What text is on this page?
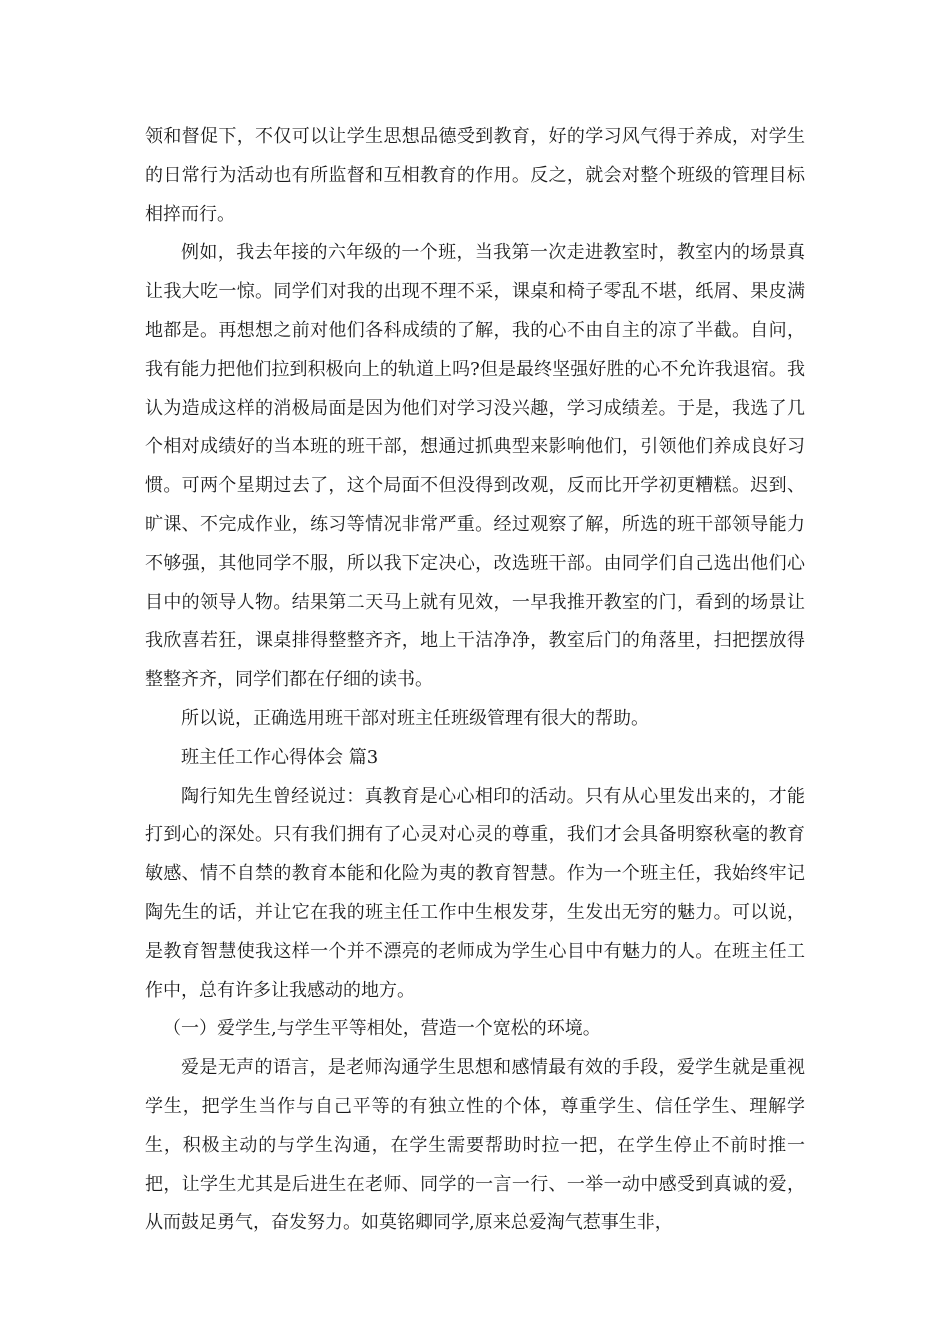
领和督促下，不仅可以让学生思想品德受到教育，好的学习风气得于养成，对学生的日常行为活动也有所监督和互相教育的作用。反之，就会对整个班级的管理目标相捽而行。

例如，我去年接的六年级的一个班，当我第一次走进教室时，教室内的场景真让我大吃一惊。同学们对我的出现不理不采，课桌和椅子零乱不堪，纸屑、果皮满地都是。再想想之前对他们各科成绩的了解，我的心不由自主的凉了半截。自问，我有能力把他们拉到积极向上的轨道上吗?但是最终坚强好胜的心不允许我退宿。我认为造成这样的消极局面是因为他们对学习没兴趣，学习成绩差。于是，我选了几个相对成绩好的当本班的班干部，想通过抓典型来影响他们，引领他们养成良好习惯。可两个星期过去了，这个局面不但没得到改观，反而比开学初更糟糕。迟到、旷课、不完成作业，练习等情况非常严重。经过观察了解，所选的班干部领导能力不够强，其他同学不服，所以我下定决心，改选班干部。由同学们自己选出他们心目中的领导人物。结果第二天马上就有见效，一早我推开教室的门，看到的场景让我欣喜若狂，课桌排得整整齐齐，地上干洁净净，教室后门的角落里，扫把摆放得整整齐齐，同学们都在仔细的读书。

所以说，正确选用班干部对班主任班级管理有很大的帮助。

班主任工作心得体会 篇3

陶行知先生曾经说过：真教育是心心相印的活动。只有从心里发出来的，才能打到心的深处。只有我们拥有了心灵对心灵的尊重，我们才会具备明察秋毫的教育敏感、情不自禁的教育本能和化险为夷的教育智慧。作为一个班主任，我始终牢记陶先生的话，并让它在我的班主任工作中生根发芽，生发出无穷的魅力。可以说，是教育智慧使我这样一个并不漂亮的老师成为学生心目中有魅力的人。在班主任工作中，总有许多让我感动的地方。

（一）爱学生,与学生平等相处，营造一个宽松的环境。

爱是无声的语言，是老师沟通学生思想和感情最有效的手段，爱学生就是重视学生，把学生当作与自己平等的有独立性的个体，尊重学生、信任学生、理解学生，积极主动的与学生沟通，在学生需要帮助时拉一把，在学生停止不前时推一把，让学生尤其是后进生在老师、同学的一言一行、一举一动中感受到真诚的爱，从而鼓足勇气，奋发努力。如莫铭卿同学,原来总爱淘气惹事生非，
